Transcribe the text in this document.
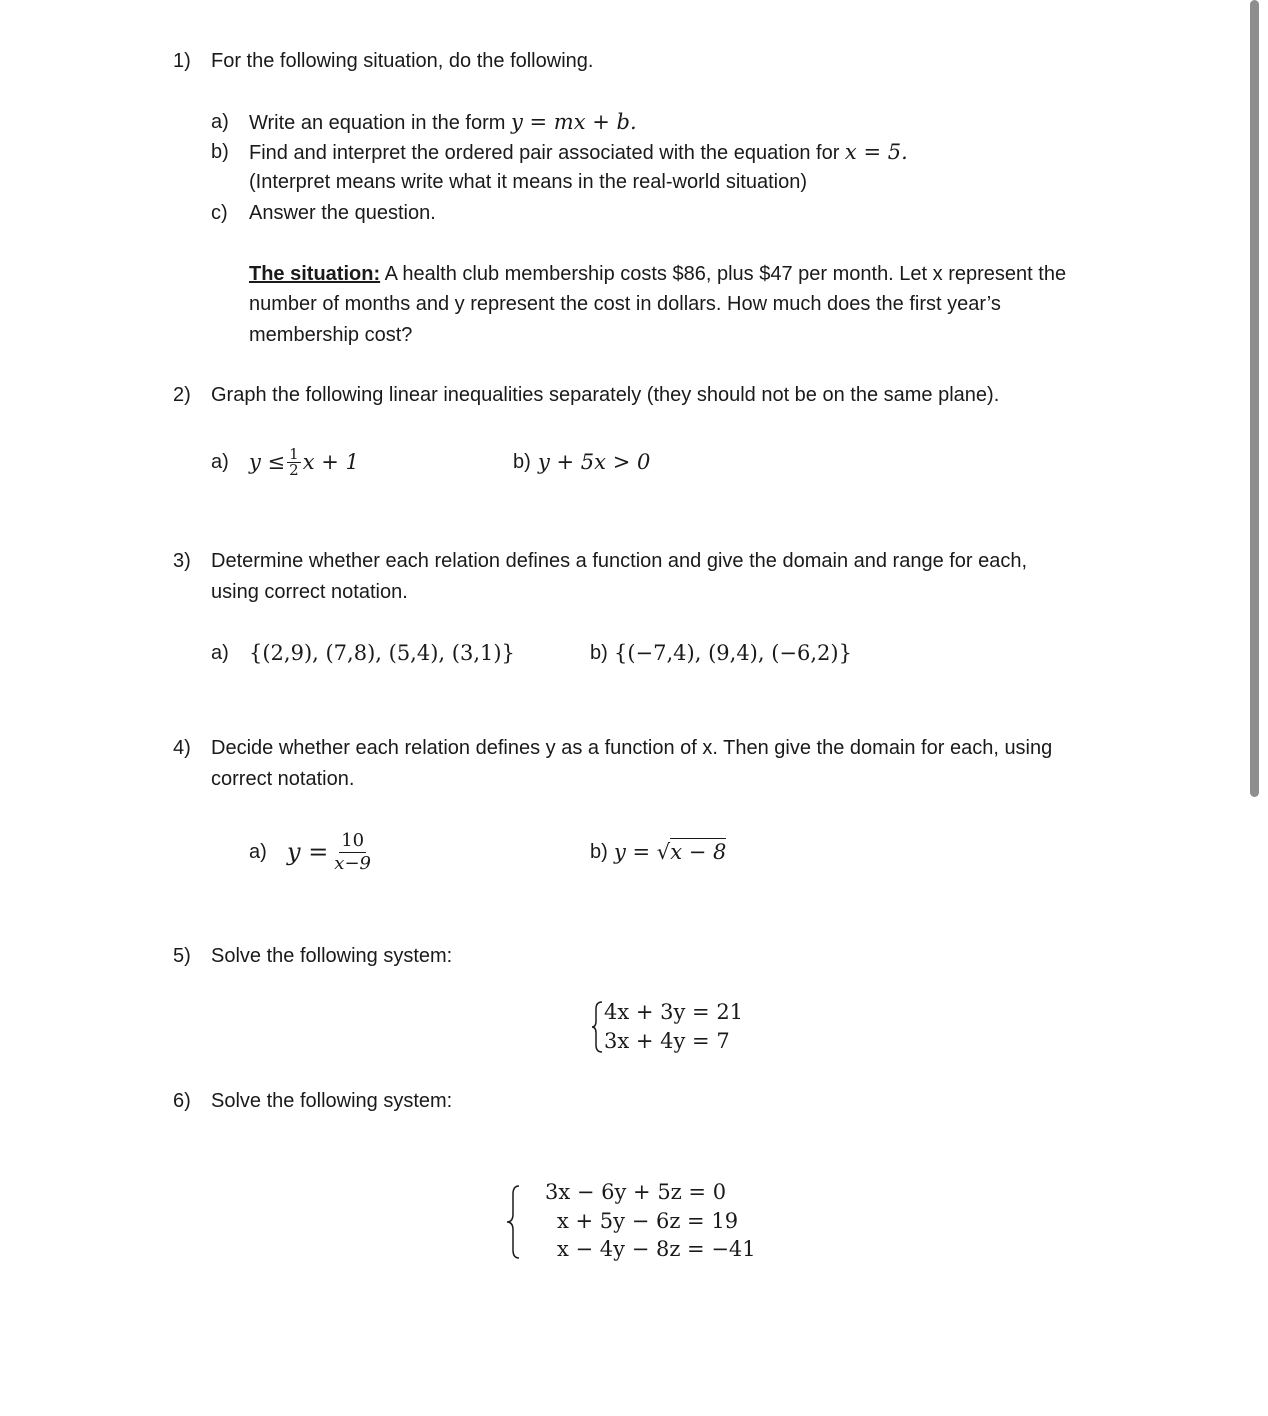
1) For the following situation, do the following.
a) Write an equation in the form y = mx + b.
b) Find and interpret the ordered pair associated with the equation for x = 5.
(Interpret means write what it means in the real-world situation)
c) Answer the question.
The situation: A health club membership costs $86, plus $47 per month. Let x represent the
number of months and y represent the cost in dollars. How much does the first year’s
membership cost?
2) Graph the following linear inequalities separately (they should not be on the same plane).
a) $y \le \frac{1}{2}$ x + 1	b) y + 5x > 0
3) Determine whether each relation defines a function and give the domain and range for each,
using correct notation.
a) {(2,9), (7,8), (5,4), (3,1)}	b) {(−7,4), (9,4), (−6,2)}
4) Decide whether each relation defines y as a function of x. Then give the domain for each, using
correct notation.
a) $y = \frac{10}{x-9}$	b) y = √x − 8
5) Solve the following system:
4x + 3y = 21
3x + 4y = 7
6) Solve the following system:
3x − 6y + 5z = 0
x + 5y − 6z = 19
x − 4y − 8z = −41
